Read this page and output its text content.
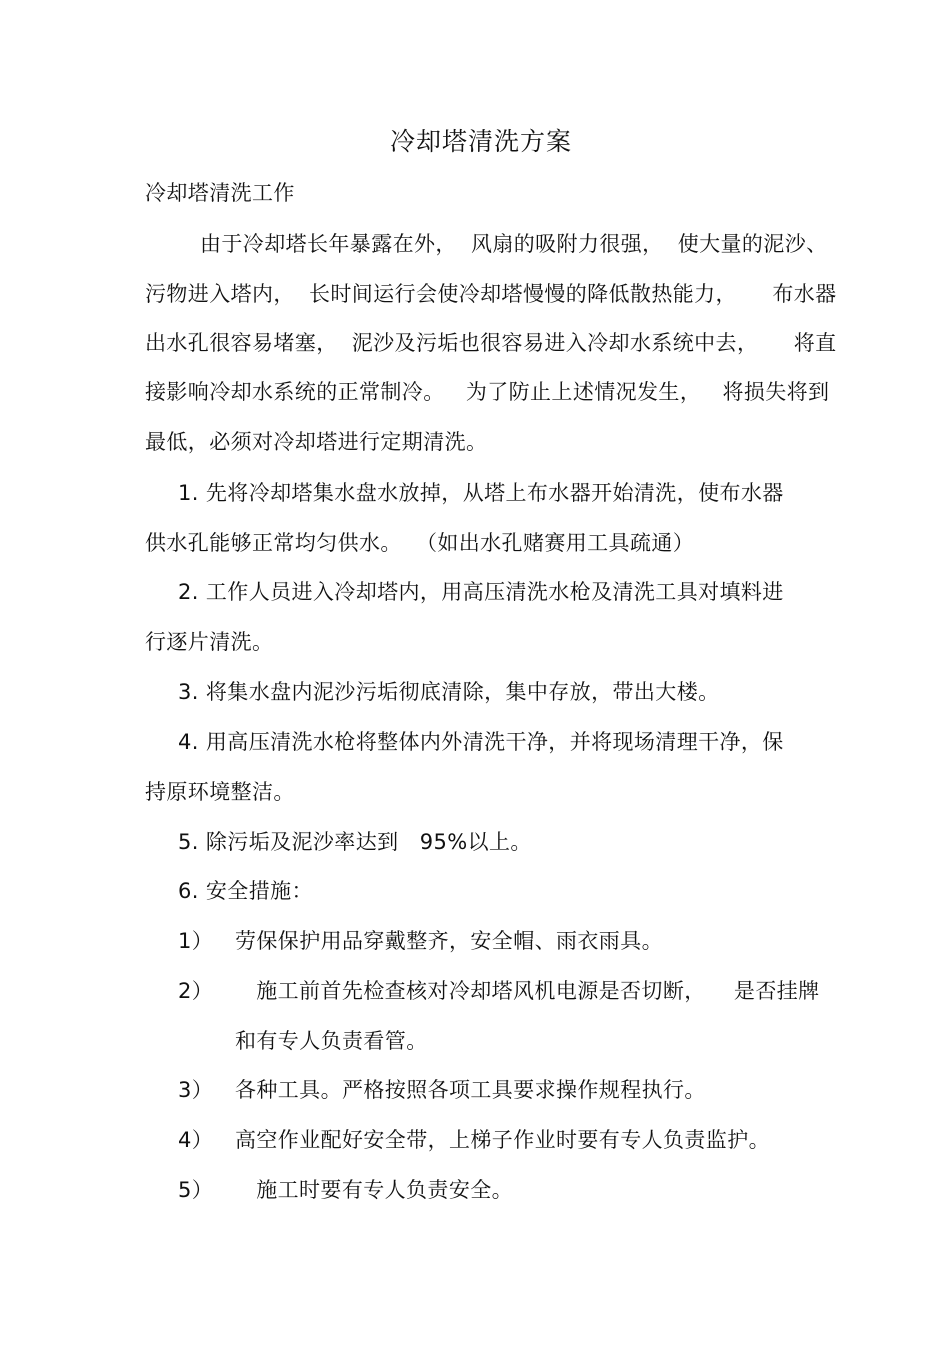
冷却塔清洗方案
冷却塔清洗工作
由于冷却塔长年暴露在外，  风扇的吸附力很强，  使大量的泥沙、
污物进入塔内，  长时间运行会使冷却塔慢慢的降低散热能力，     布水器
出水孔很容易堵塞，  泥沙及污垢也很容易进入冷却水系统中去，     将直
接影响冷却水系统的正常制冷。   为了防止上述情况发生，   将损失将到
最低，必须对冷却塔进行定期清洗。
1. 先将冷却塔集水盘水放掉，从塔上布水器开始清洗，使布水器
供水孔能够正常均匀供水。  （如出水孔赌赛用工具疏通）
2. 工作人员进入冷却塔内，用高压清洗水枪及清洗工具对填料进
行逐片清洗。
3. 将集水盘内泥沙污垢彻底清除，集中存放，带出大楼。
4. 用高压清洗水枪将整体内外清洗干净，并将现场清理干净，保
持原环境整洁。
5. 除污垢及泥沙率达到   95%以上。
6. 安全措施：
1） 劳保保护用品穿戴整齐，安全帽、雨衣雨具。
2） 施工前首先检查核对冷却塔风机电源是否切断，    是否挂牌
和有专人负责看管。
3） 各种工具。严格按照各项工具要求操作规程执行。
4） 高空作业配好安全带，上梯子作业时要有专人负责监护。
5） 施工时要有专人负责安全。
